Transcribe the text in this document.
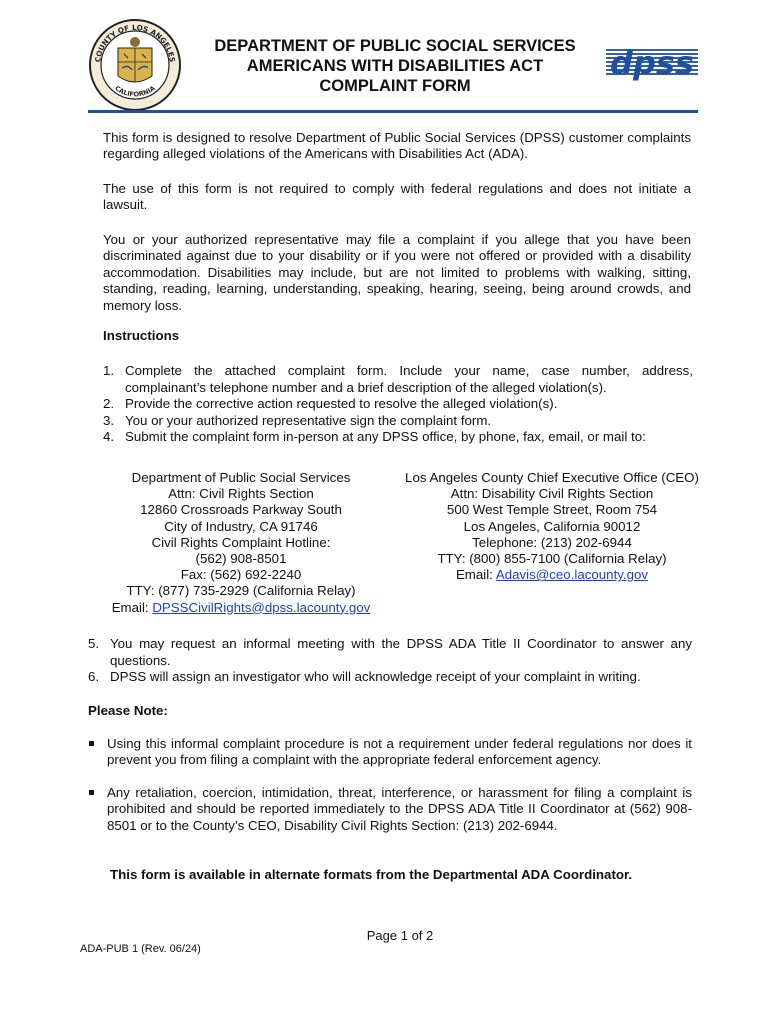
COUNTY OF LOS ANGELES
CALIFORNIA
DEPARTMENT OF PUBLIC SOCIAL SERVICES
AMERICANS WITH DISABILITIES ACT
COMPLAINT FORM
dpss
This form is designed to resolve Department of Public Social Services (DPSS) customer complaints regarding alleged violations of the Americans with Disabilities Act (ADA).
The use of this form is not required to comply with federal regulations and does not initiate a lawsuit.
You or your authorized representative may file a complaint if you allege that you have been discriminated against due to your disability or if you were not offered or provided with a disability accommodation. Disabilities may include, but are not limited to problems with walking, sitting, standing, reading, learning, understanding, speaking, hearing, seeing, being around crowds, and memory loss.
Instructions
1. Complete the attached complaint form. Include your name, case number, address, complainant’s telephone number and a brief description of the alleged violation(s).
2. Provide the corrective action requested to resolve the alleged violation(s).
3. You or your authorized representative sign the complaint form.
4. Submit the complaint form in-person at any DPSS office, by phone, fax, email, or mail to:
Department of Public Social Services
Attn: Civil Rights Section
12860 Crossroads Parkway South
City of Industry, CA 91746
Civil Rights Complaint Hotline:
(562) 908-8501
Fax: (562) 692-2240
TTY: (877) 735-2929 (California Relay)
Email: DPSSCivilRights@dpss.lacounty.gov
Los Angeles County Chief Executive Office (CEO)
Attn: Disability Civil Rights Section
500 West Temple Street, Room 754
Los Angeles, California 90012
Telephone: (213) 202-6944
TTY: (800) 855-7100 (California Relay)
Email: Adavis@ceo.lacounty.gov
5. You may request an informal meeting with the DPSS ADA Title II Coordinator to answer any questions.
6. DPSS will assign an investigator who will acknowledge receipt of your complaint in writing.
Please Note:
Using this informal complaint procedure is not a requirement under federal regulations nor does it prevent you from filing a complaint with the appropriate federal enforcement agency.
Any retaliation, coercion, intimidation, threat, interference, or harassment for filing a complaint is prohibited and should be reported immediately to the DPSS ADA Title II Coordinator at (562) 908-8501 or to the County’s CEO, Disability Civil Rights Section: (213) 202-6944.
This form is available in alternate formats from the Departmental ADA Coordinator.
Page 1 of 2
ADA-PUB 1 (Rev. 06/24)
